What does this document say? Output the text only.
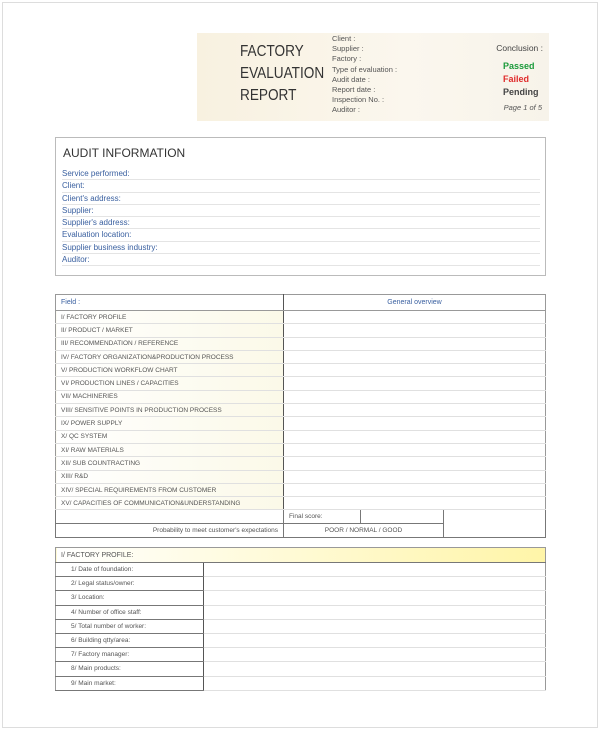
FACTORY
EVALUATION
REPORT
Client :
Supplier :
Factory :
Type of evaluation :
Audit date :
Report date :
Inspection No. :
Auditor :
Conclusion :
Passed
Failed
Pending
Page 1 of 5
AUDIT INFORMATION
Service performed:
Client:
Client's address:
Supplier:
Supplier's address:
Evaluation location:
Supplier business industry:
Auditor:
Field :	General overview		
I/ FACTORY PROFILE			
II/ PRODUCT / MARKET			
III/ RECOMMENDATION / REFERENCE			
IV/ FACTORY ORGANIZATION&PRODUCTION PROCESS			
V/ PRODUCTION WORKFLOW CHART			
VI/ PRODUCTION LINES / CAPACITIES			
VII/ MACHINERIES			
VIII/ SENSITIVE POINTS IN PRODUCTION PROCESS			
IX/ POWER SUPPLY			
X/ QC SYSTEM			
XI/ RAW MATERIALS			
XII/ SUB COUNTRACTING			
XIII/ R&D			
XIV/ SPECIAL REQUIREMENTS FROM CUSTOMER			
XV/ CAPACITIES OF COMMUNICATION&UNDERSTANDING			
	Final score:		
Probability to meet customer's expectations	POOR / NORMAL / GOOD		
I/ FACTORY PROFILE:	
1/ Date of foundation:	
2/ Legal status/owner:	
3/ Location:	
4/ Number of office staff:	
5/ Total number of worker:	
6/ Building qtty/area:	
7/ Factory manager:	
8/ Main products:	
9/ Main market:	
